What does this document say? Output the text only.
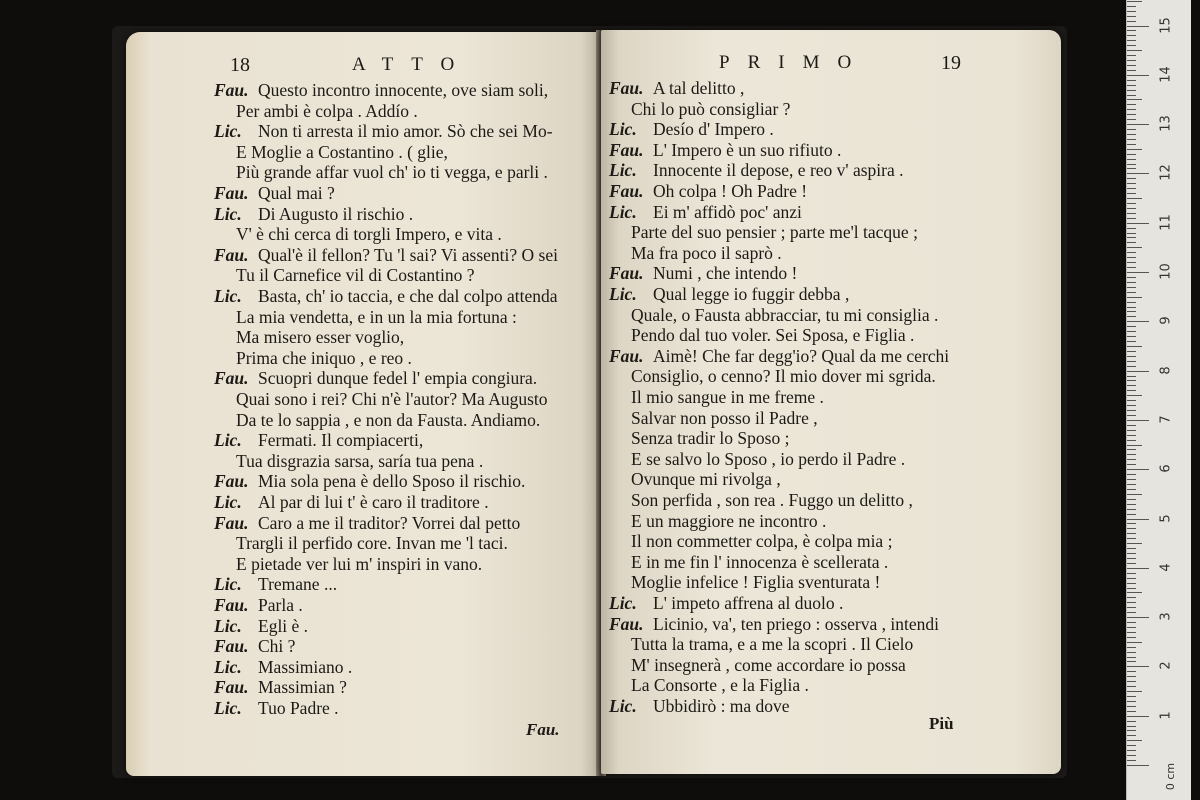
18	ATTO
Fau. Questo incontro innocente, ove siam soli,
Per ambi è colpa . Addío .
Lic. Non ti arresta il mio amor. Sò che sei Mo-
E Moglie a Costantino . ( glie,
Più grande affar vuol ch' io ti vegga, e parli .
Fau. Qual mai ?
Lic. Di Augusto il rischio .
V' è chi cerca di torgli Impero, e vita .
Fau. Qual'è il fellon? Tu 'l sai? Vi assenti? O sei
Tu il Carnefice vil di Costantino ?
Lic. Basta, ch' io taccia, e che dal colpo attenda
La mia vendetta, e in un la mia fortuna :
Ma misero esser voglio,
Prima che iniquo , e reo .
Fau. Scuopri dunque fedel l' empia congiura.
Quai sono i rei? Chi n'è l'autor? Ma Augusto
Da te lo sappia , e non da Fausta. Andiamo.
Lic. Fermati. Il compiacerti,
Tua disgrazia sarsa, saría tua pena .
Fau. Mia sola pena è dello Sposo il rischio.
Lic. Al par di lui t' è caro il traditore .
Fau. Caro a me il traditor? Vorrei dal petto
Trargli il perfido core. Invan me 'l taci.
E pietade ver lui m' inspiri in vano.
Lic. Tremane ...
Fau. Parla .
Lic. Egli è .
Fau. Chi ?
Lic. Massimiano .
Fau. Massimian ?
Lic. Tuo Padre .
Fau.
PRIMO	19
Fau. A tal delitto ,
Chi lo può consigliar ?
Lic. Desío d' Impero .
Fau. L' Impero è un suo rifiuto .
Lic. Innocente il depose, e reo v' aspira .
Fau. Oh colpa ! Oh Padre !
Lic. Ei m' affidò poc' anzi
Parte del suo pensier ; parte me'l tacque ;
Ma fra poco il saprò .
Fau. Numi , che intendo !
Lic. Qual legge io fuggir debba ,
Quale, o Fausta abbracciar, tu mi consiglia .
Pendo dal tuo voler. Sei Sposa, e Figlia .
Fau. Aimè! Che far degg'io? Qual da me cerchi
Consiglio, o cenno? Il mio dover mi sgrida.
Il mio sangue in me freme .
Salvar non posso il Padre ,
Senza tradir lo Sposo ;
E se salvo lo Sposo , io perdo il Padre .
Ovunque mi rivolga ,
Son perfida , son rea . Fuggo un delitto ,
E un maggiore ne incontro .
Il non commetter colpa, è colpa mia ;
E in me fin l' innocenza è scellerata .
Moglie infelice ! Figlia sventurata !
Lic. L' impeto affrena al duolo .
Fau. Licinio, va', ten priego : osserva , intendi
Tutta la trama, e a me la scopri . Il Cielo
M' insegnerà , come accordare io possa
La Consorte , e la Figlia .
Lic. Ubbidirò : ma dove
Più
0 cm
1
2
3
4
5
6
7
8
9
10
11
12
13
14
15
